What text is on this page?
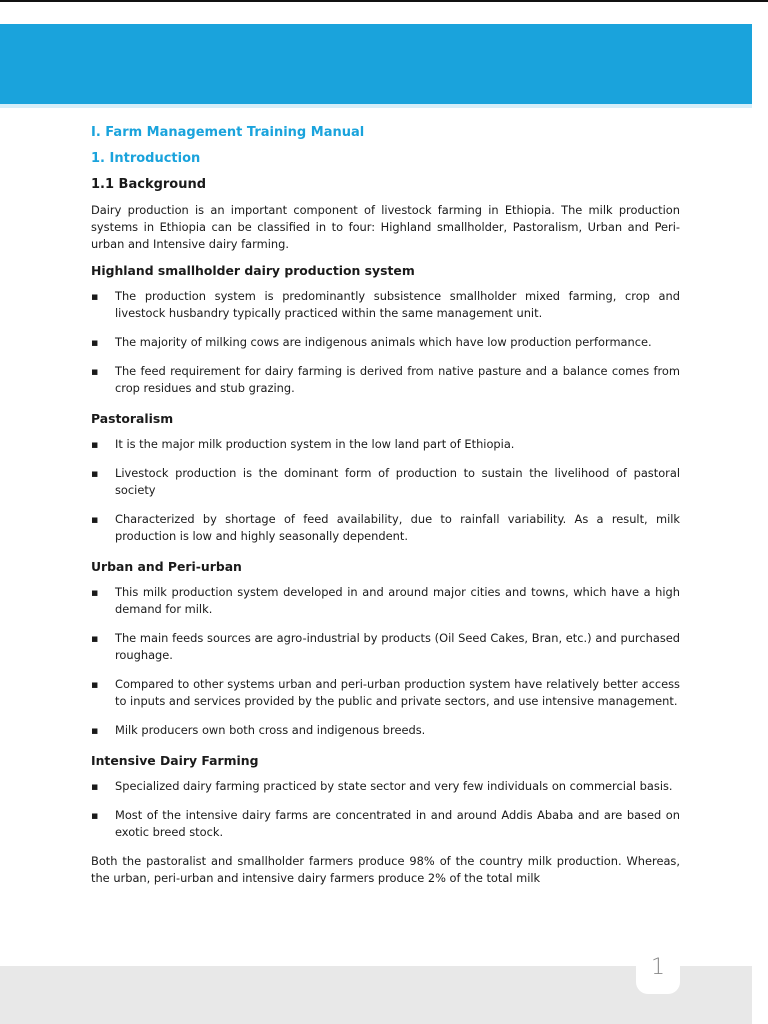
I. Farm Management Training Manual
1. Introduction
1.1 Background

Dairy production is an important component of livestock farming in Ethiopia. The milk production systems in Ethiopia can be classified in to four: Highland smallholder, Pastoralism, Urban and Peri-urban and Intensive dairy farming.

Highland smallholder dairy production system
▪ The production system is predominantly subsistence smallholder mixed farming, crop and livestock husbandry typically practiced within the same management unit.
▪ The majority of milking cows are indigenous animals which have low production performance.
▪ The feed requirement for dairy farming is derived from native pasture and a balance comes from crop residues and stub grazing.
Pastoralism
▪ It is the major milk production system in the low land part of Ethiopia.
▪ Livestock production is the dominant form of production to sustain the livelihood of pastoral society
▪ Characterized by shortage of feed availability, due to rainfall variability. As a result, milk production is low and highly seasonally dependent.
Urban and Peri-urban
▪ This milk production system developed in and around major cities and towns, which have a high demand for milk.
▪ The main feeds sources are agro-industrial by products (Oil Seed Cakes, Bran, etc.) and purchased roughage.
▪ Compared to other systems urban and peri-urban production system have relatively better access to inputs and services provided by the public and private sectors, and use intensive management.
▪ Milk producers own both cross and indigenous breeds.
Intensive Dairy Farming
▪ Specialized dairy farming practiced by state sector and very few individuals on commercial basis.
▪ Most of the intensive dairy farms are concentrated in and around Addis Ababa and are based on exotic breed stock.

Both the pastoralist and smallholder farmers produce 98% of the country milk production. Whereas, the urban, peri-urban and intensive dairy farmers produce 2% of the total milk

1
